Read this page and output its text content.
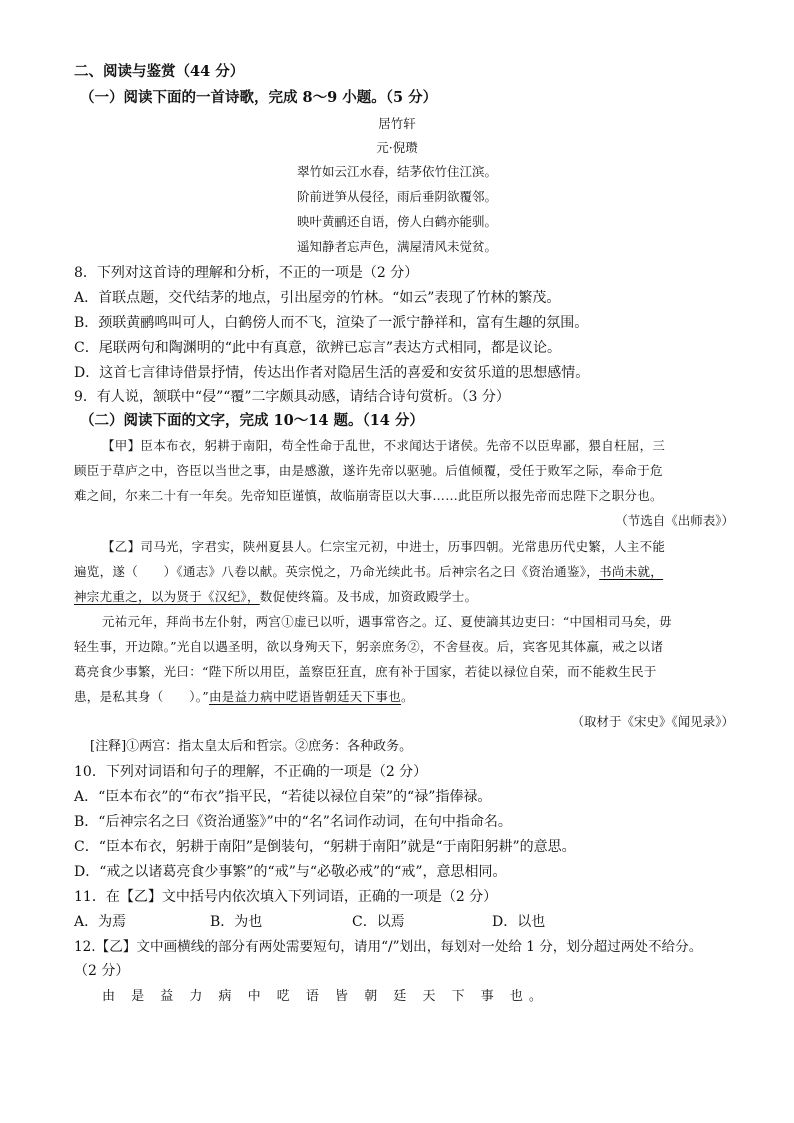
二、阅读与鉴赏（44 分）
（一）阅读下面的一首诗歌，完成 8～9 小题。（5 分）
居竹轩
元·倪瓒
翠竹如云江水春，结茅依竹住江滨。
阶前迸笋从侵径，雨后垂阴欲覆邻。
映叶黄鹂还自语，傍人白鹤亦能驯。
遥知静者忘声色，满屋清风未觉贫。
8．下列对这首诗的理解和分析，不正的一项是（2 分）
A．首联点题，交代结茅的地点，引出屋旁的竹林。“如云”表现了竹林的繁茂。
B．颈联黄鹂鸣叫可人，白鹤傍人而不飞，渲染了一派宁静祥和，富有生趣的氛围。
C．尾联两句和陶渊明的“此中有真意，欲辨已忘言”表达方式相同，都是议论。
D．这首七言律诗借景抒情，传达出作者对隐居生活的喜爱和安贫乐道的思想感情。
9．有人说，颔联中“侵”“覆”二字颇具动感，请结合诗句赏析。（3 分）
（二）阅读下面的文字，完成 10～14 题。（14 分）
【甲】臣本布衣，躬耕于南阳，苟全性命于乱世，不求闻达于诸侯。先帝不以臣卑鄙，猥自枉屈，三
顾臣于草庐之中，咨臣以当世之事，由是感激，遂许先帝以驱驰。后值倾覆，受任于败军之际，奉命于危
难之间，尔来二十有一年矣。先帝知臣谨慎，故临崩寄臣以大事……此臣所以报先帝而忠陛下之职分也。
（节选自《出师表》）
【乙】司马光，字君实，陕州夏县人。仁宗宝元初，中进士，历事四朝。光常患历代史繁，人主不能
遍览，遂（　　）《通志》八卷以献。英宗悦之，乃命光续此书。后神宗名之曰《资治通鉴》，书尚未就，
神宗尤重之，以为贤于《汉纪》，数促使终篇。及书成，加资政殿学士。
元祐元年，拜尚书左仆射，两宫①虚已以听，遇事常咨之。辽、夏使謪其边吏曰：“中国相司马矣，毋
轻生事，开边隙。”光自以遇圣明，欲以身殉天下，躬亲庶务②，不舍昼夜。后，宾客见其体羸，戒之以诸
葛亮食少事繁，光曰：“陛下所以用臣，盖察臣狂直，庶有补于国家，若徒以禄位自荣，而不能救生民于
患，是私其身（　　）。”由是益力病中呓语皆朝廷天下事也。
（取材于《宋史》《闻见录》）
[注释]①两宫：指太皇太后和哲宗。②庶务：各种政务。
10．下列对词语和句子的理解，不正确的一项是（2 分）
A．“臣本布衣”的“布衣”指平民，“若徒以禄位自荣”的“禄”指俸禄。
B．“后神宗名之曰《资治通鉴》”中的“名”名词作动词，在句中指命名。
C．“臣本布衣，躬耕于南阳”是倒装句，“躬耕于南阳”就是“于南阳躬耕”的意思。
D．“戒之以诸葛亮食少事繁”的“戒”与“必敬必戒”的“戒”，意思相同。
11．在【乙】文中括号内依次填入下列词语，正确的一项是（2 分）
A．为焉	B．为也	C．以焉	D．以也
12.【乙】文中画横线的部分有两处需要短句，请用“/”划出，每划对一处给 1 分，划分超过两处不给分。
（2 分）
由 是 益 力 病 中 呓 语 皆 朝 廷 天 下 事 也。
